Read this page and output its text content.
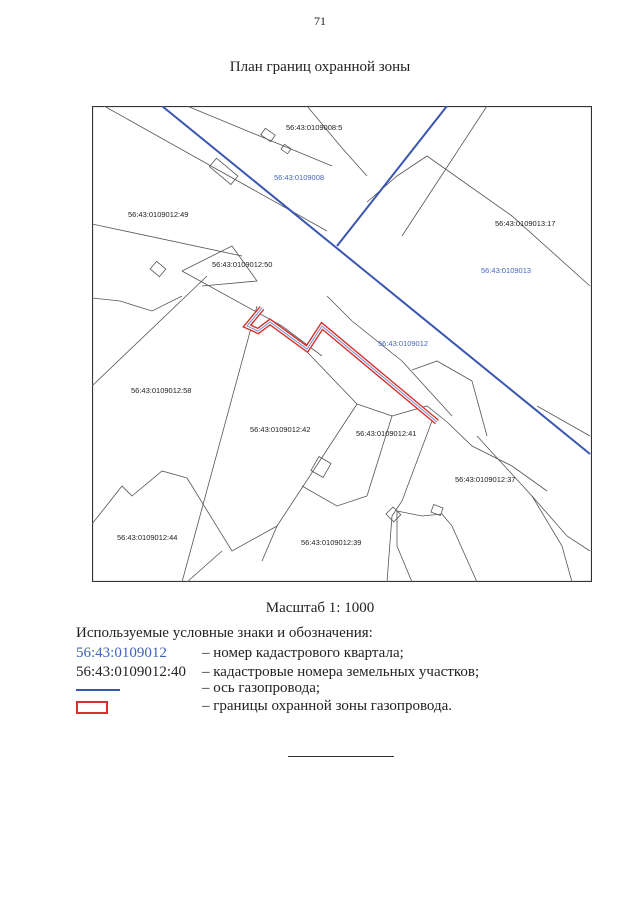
71
План границ охранной зоны
56:43:0109008
56:43:0109013
56:43:0109012
56:43:0109008:5
56:43:0109012:49
56:43:0109013:17
56:43:0109012:50
56:43:0109012:58
56:43:0109012:42	56:43:0109012:41
56:43:0109012:37
56:43:0109012:44
56:43:0109012:39
Масштаб 1: 1000
Используемые условные знаки и обозначения:
56:43:0109012 – номер кадастрового квартала;
56:43:0109012:40 – кадастровые номера земельных участков;
– ось газопровода;
– границы охранной зоны газопровода.
